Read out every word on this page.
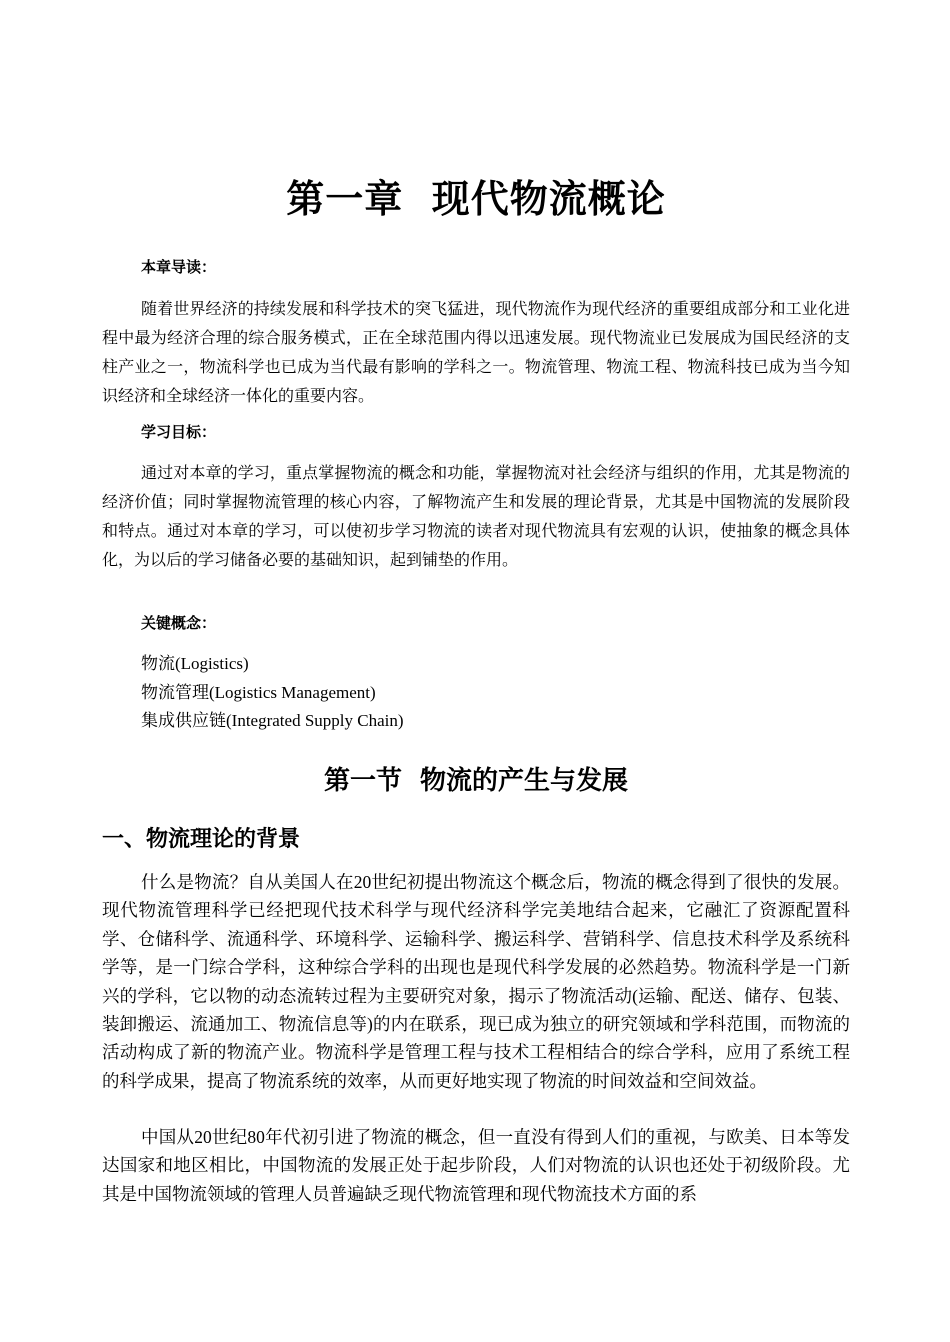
第一章  现代物流概论

本章导读：

随着世界经济的持续发展和科学技术的突飞猛进，现代物流作为现代经济的重要组成部分和工业化进程中最为经济合理的综合服务模式，正在全球范围内得以迅速发展。现代物流业已发展成为国民经济的支柱产业之一，物流科学也已成为当代最有影响的学科之一。物流管理、物流工程、物流科技已成为当今知识经济和全球经济一体化的重要内容。

学习目标：

通过对本章的学习，重点掌握物流的概念和功能，掌握物流对社会经济与组织的作用，尤其是物流的经济价值；同时掌握物流管理的核心内容，了解物流产生和发展的理论背景，尤其是中国物流的发展阶段和特点。通过对本章的学习，可以使初步学习物流的读者对现代物流具有宏观的认识，使抽象的概念具体化，为以后的学习储备必要的基础知识，起到铺垫的作用。

关键概念：

物流(Logistics)
物流管理(Logistics Management)
集成供应链(Integrated Supply Chain)
第一节  物流的产生与发展
一、物流理论的背景

什么是物流？自从美国人在20世纪初提出物流这个概念后，物流的概念得到了很快的发展。现代物流管理科学已经把现代技术科学与现代经济科学完美地结合起来，它融汇了资源配置科学、仓储科学、流通科学、环境科学、运输科学、搬运科学、营销科学、信息技术科学及系统科学等，是一门综合学科，这种综合学科的出现也是现代科学发展的必然趋势。物流科学是一门新兴的学科，它以物的动态流转过程为主要研究对象，揭示了物流活动(运输、配送、储存、包装、装卸搬运、流通加工、物流信息等)的内在联系，现已成为独立的研究领域和学科范围，而物流的活动构成了新的物流产业。物流科学是管理工程与技术工程相结合的综合学科，应用了系统工程的科学成果，提高了物流系统的效率，从而更好地实现了物流的时间效益和空间效益。

中国从20世纪80年代初引进了物流的概念，但一直没有得到人们的重视，与欧美、日本等发达国家和地区相比，中国物流的发展正处于起步阶段，人们对物流的认识也还处于初级阶段。尤其是中国物流领域的管理人员普遍缺乏现代物流管理和现代物流技术方面的系
